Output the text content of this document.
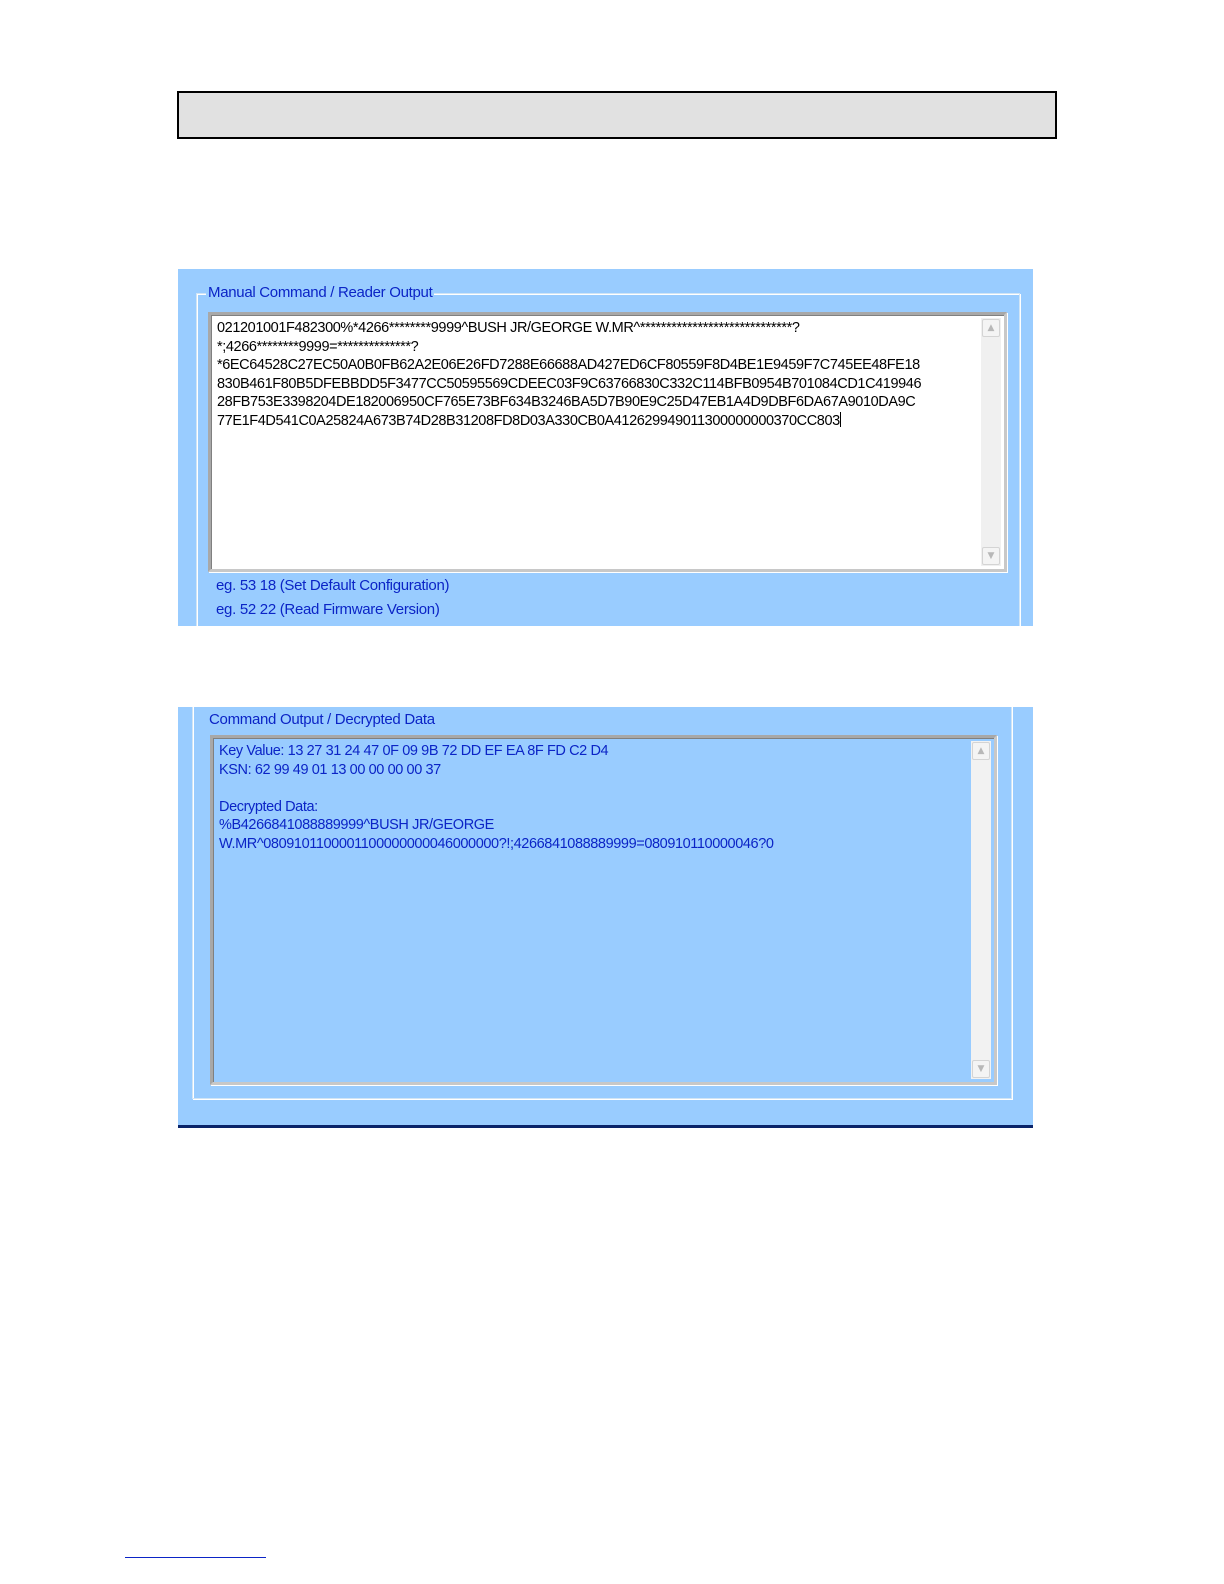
Manual Command / Reader Output
021201001F482300%*4266********9999^BUSH JR/GEORGE W.MR^*****************************?
*;4266********9999=**************?
*6EC64528C27EC50A0B0FB62A2E06E26FD7288E66688AD427ED6CF80559F8D4BE1E9459F7C745EE48FE18
830B461F80B5DFEBBDD5F3477CC50595569CDEEC03F9C63766830C332C114BFB0954B701084CD1C419946
28FB753E3398204DE182006950CF765E73BF634B3246BA5D7B90E9C25D47EB1A4D9DBF6DA67A9010DA9C
77E1F4D541C0A25824A673B74D28B31208FD8D03A330CB0A412629949011300000000370CC803
▲
▼
eg. 53 18 (Set Default Configuration)
eg. 52 22 (Read Firmware Version)
Command Output / Decrypted Data
Key Value: 13 27 31 24 47 0F 09 9B 72 DD EF EA 8F FD C2 D4
KSN: 62 99 49 01 13 00 00 00 00 37

Decrypted Data:
%B4266841088889999^BUSH JR/GEORGE
W.MR^0809101100001100000000046000000?!;4266841088889999=080910110000046?0
▲
▼
